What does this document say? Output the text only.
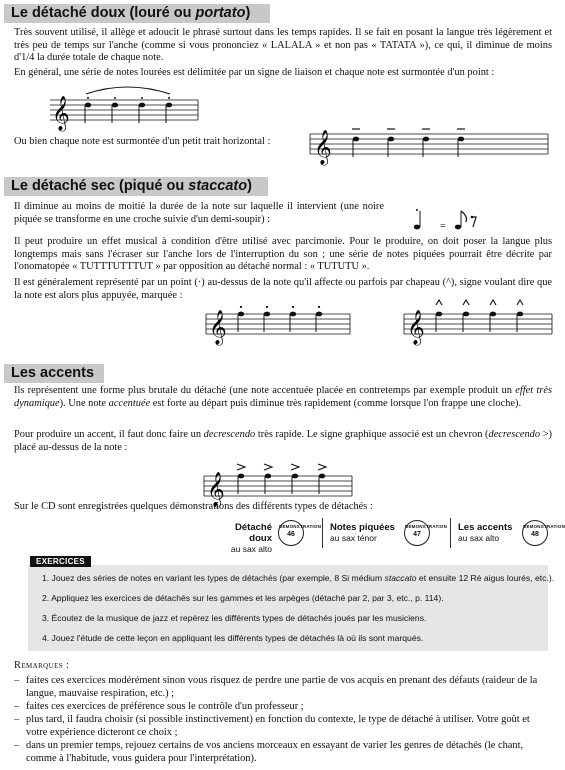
Le détaché doux (louré ou portato)

Très souvent utilisé, il allège et adoucit le phrasé surtout dans les temps rapides. Il se fait en posant la langue très légèrement et très peu de temps sur l'anche (comme si vous prononciez « LALALA » et non pas « TATATA »), ce qui, il diminue de moins d'1/4 la durée totale de chaque note.

En général, une série de notes lourées est délimitée par un signe de liaison et chaque note est surmontée d'un point :

𝄞

Ou bien chaque note est surmontée d'un petit trait horizontal :	𝄞
Le détaché sec (piqué ou staccato)

Il diminue au moins de moitié la durée de la note sur laquelle il intervient (une noire piquée se transforme en une croche suivie d'un demi-soupir) :

=

Il peut produire un effet musical à condition d'être utilisé avec parcimonie. Pour le produire, on doit poser la langue plus longtemps mais sans l'écraser sur l'anche lors de l'interruption du son ; une série de notes piquées pourrait être décrite par l'onomatopée « TUTTTUTTTUT » par opposition au détaché normal : « TUTUTU ».

Il est généralement représenté par un point (·) au-dessus de la note qu'il affecte ou parfois par chapeau (^), signe voulant dire que la note est alors plus appuyée, marquée :

𝄞	𝄞
Les accents

Ils représentent une forme plus brutale du détaché (une note accentuée placée en contretemps par exemple produit un effet très dynamique). Une note accentuée est forte au départ puis diminue très rapidement (comme lorsque l'on frappe une cloche).

Pour produire un accent, il faut donc faire un decrescendo très rapide. Le signe graphique associé est un chevron (decrescendo >) placé au-dessus de la note :

𝄞

Sur le CD sont enregistrées quelques démonstrations des différents types de détachés :

Détaché doux
au sax alto
DÉMONSTRATION
46
Notes piquées
au sax ténor
DÉMONSTRATION
47
Les accents
au sax alto
DÉMONSTRATION
48
EXERCICES
1. Jouez des séries de notes en variant les types de détachés (par exemple, 8 Si médium staccato et ensuite 12 Ré aigus lourés, etc.).
2. Appliquez les exercices de détachés sur les gammes et les arpèges (détaché par 2, par 3, etc., p. 114).
3. Écoutez de la musique de jazz et repérez les différents types de détachés joués par les musiciens.
4. Jouez l'étude de cette leçon en appliquant les différents types de détachés là où ils sont marqués.
Remarques :
– faites ces exercices modérément sinon vous risquez de perdre une partie de vos acquis en prenant des défauts (raideur de la langue, mauvaise respiration, etc.) ;
– faites ces exercices de préférence sous le contrôle d'un professeur ;
– plus tard, il faudra choisir (si possible instinctivement) en fonction du contexte, le type de détaché à utiliser. Votre goût et votre expérience dicteront ce choix ;
– dans un premier temps, rejouez certains de vos anciens morceaux en essayant de varier les genres de détachés (le chant, comme à l'habitude, vous guidera pour l'interprétation).
